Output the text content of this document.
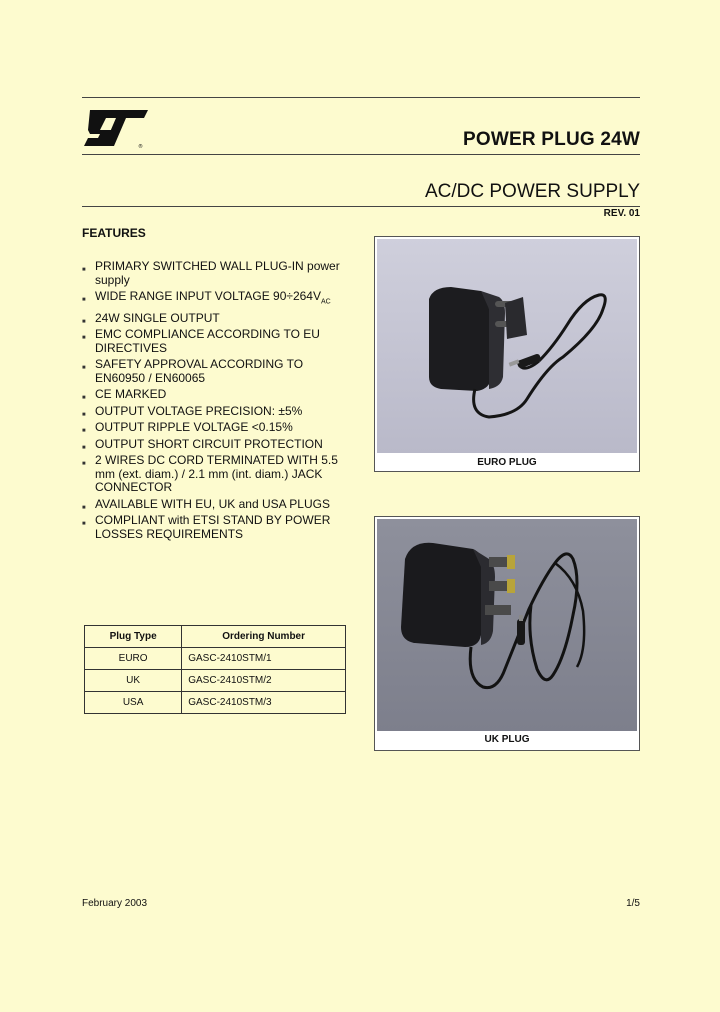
®	POWER PLUG 24W
AC/DC POWER SUPPLY
REV. 01
FEATURES
■ PRIMARY SWITCHED WALL PLUG-IN power supply
■ WIDE RANGE INPUT VOLTAGE $90\div 264V_{AC}$
■ 24W SINGLE OUTPUT
■ EMC COMPLIANCE ACCORDING TO EU DIRECTIVES
■ SAFETY APPROVAL ACCORDING TO EN60950 / EN60065
■ CE MARKED
■ OUTPUT VOLTAGE PRECISION: ±5%
■ OUTPUT RIPPLE VOLTAGE <0.15%
■ OUTPUT SHORT CIRCUIT PROTECTION
■ 2 WIRES DC CORD TERMINATED WITH 5.5 mm (ext. diam.) / 2.1 mm (int. diam.) JACK CONNECTOR
■ AVAILABLE WITH EU, UK and USA PLUGS
■ COMPLIANT with ETSI STAND BY POWER LOSSES REQUIREMENTS
EURO PLUG
UK PLUG
Plug Type	Ordering Number
EURO	GASC-2410STM/1
UK	GASC-2410STM/2
USA	GASC-2410STM/3
February 2003	1/5
